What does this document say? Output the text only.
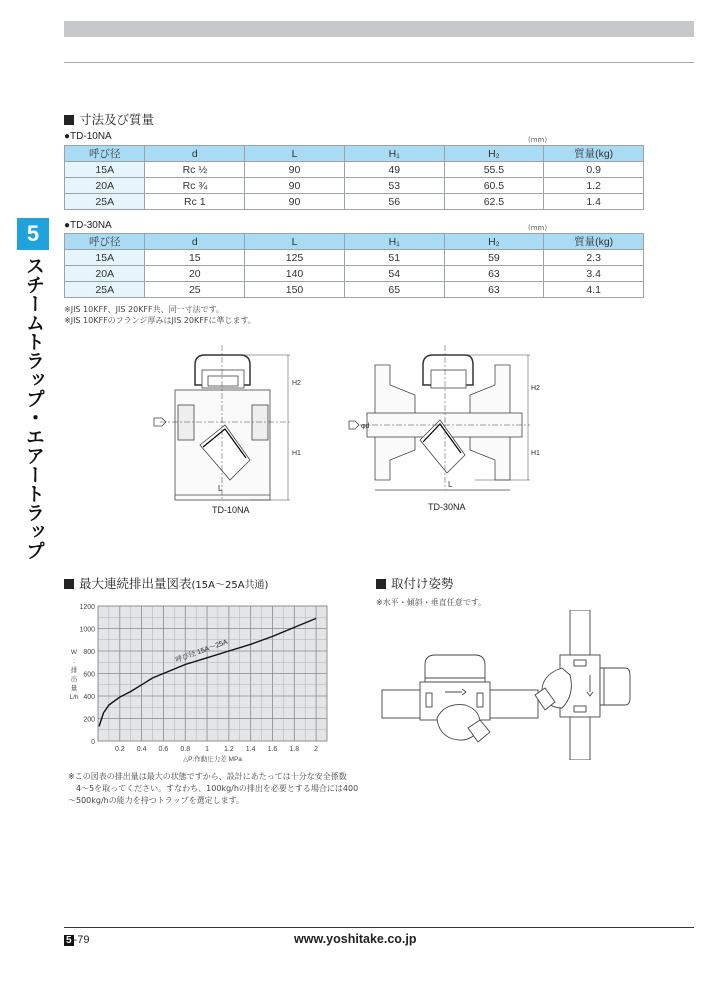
5
スチームトラップ・エアートラップ
寸法及び質量
●TD-10NA	(mm)
呼び径	d	L	H₁	H₂	質量(kg)
15A	Rc ½	90	49	55.5	0.9
20A	Rc ¾	90	53	60.5	1.2
25A	Rc 1	90	56	62.5	1.4
●TD-30NA	(mm)
呼び径	d	L	H₁	H₂	質量(kg)
15A	15	125	51	59	2.3
20A	20	140	54	63	3.4
25A	25	150	65	63	4.1
※JIS 10KFF、JIS 20KFF共、同一寸法です。
※JIS 10KFFのフランジ厚みはJIS 20KFFに準じます。
L
H2
H1
TD-10NA
φd
L
H2
H1
TD-30NA
最大連続排出量図表(15A〜25A共通)
0
200
400
600
800
1000
1200
0.2 0.4 0.6 0.8 1 1.2 1.4 1.6 1.8 2
△P:作動圧力差 MPa
W
:
排
出
量
L/h
呼び径 15A〜25A
※この図表の排出量は最大の状態ですから、設計にあたっては十分な安全係数
4〜5を取ってください。すなわち、100kg/hの排出を必要とする場合には400
〜500kg/hの能力を持つトラップを選定します。
取付け姿勢
※水平・傾斜・垂直任意です。
5 -79	www.yoshitake.co.jp
